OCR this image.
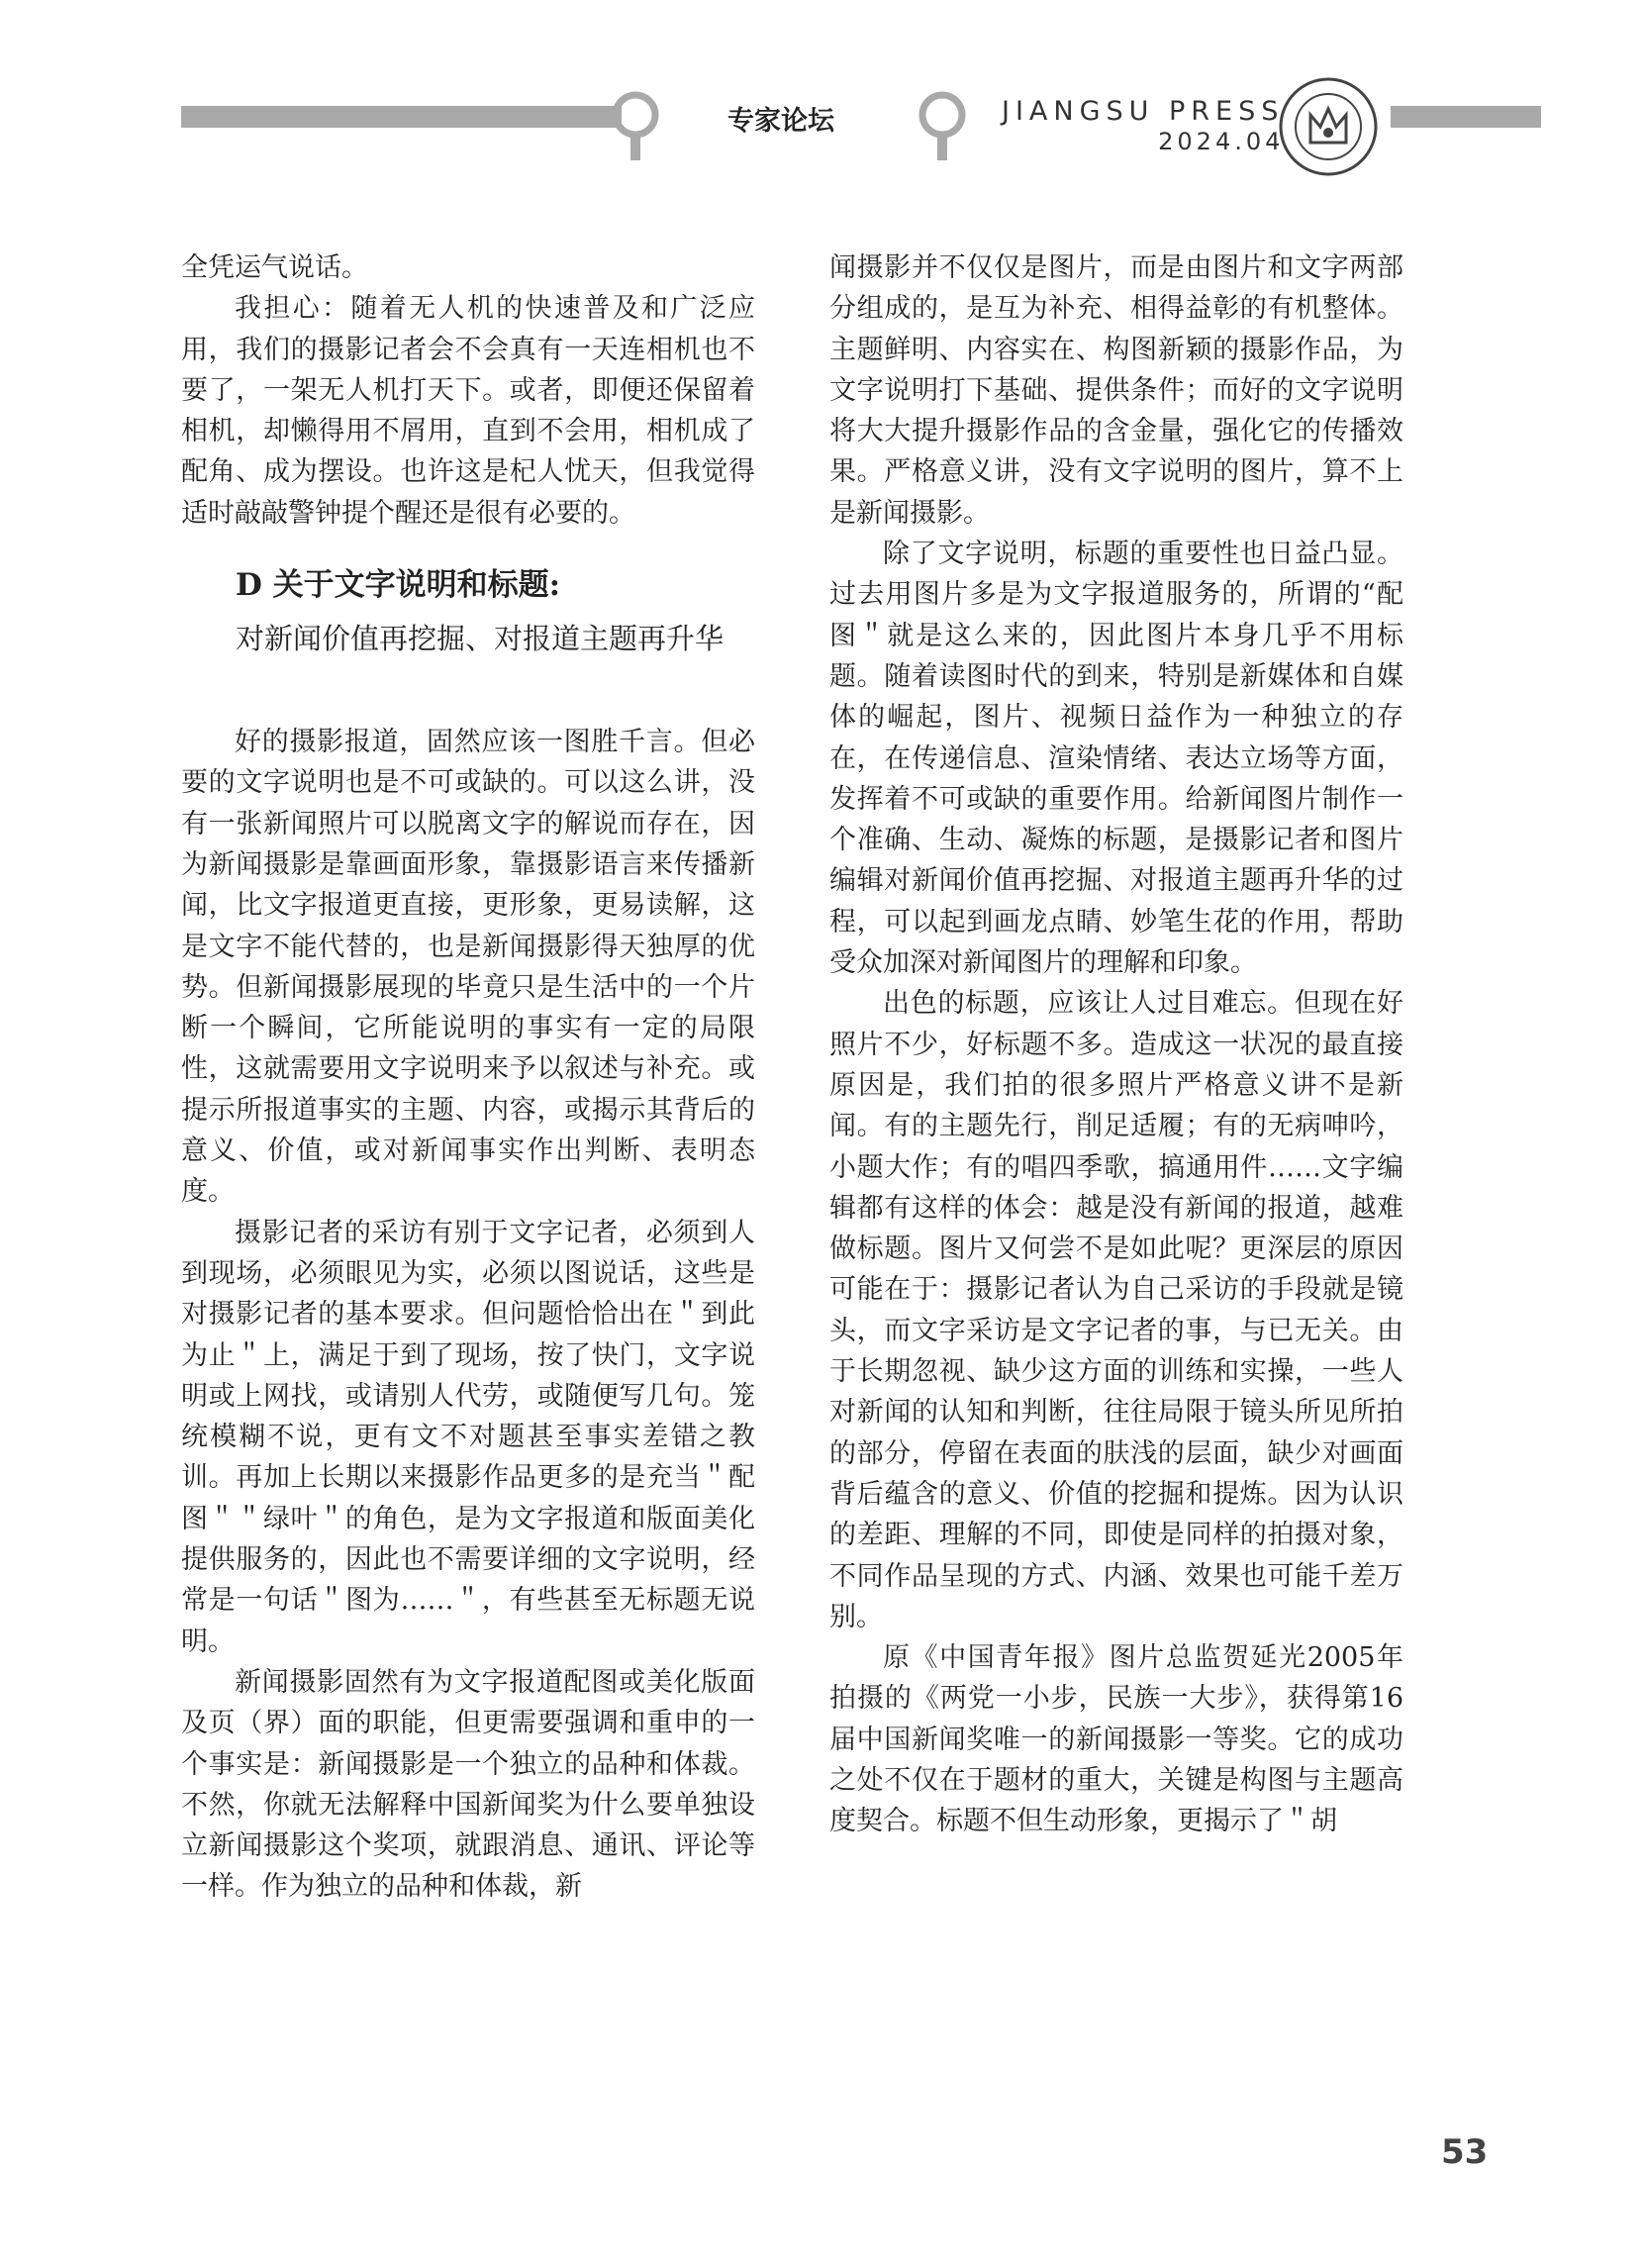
专家论坛	JIANGSU PRESS
2024.04

全凭运气说话。

我担心：随着无人机的快速普及和广泛应用，我们的摄影记者会不会真有一天连相机也不要了，一架无人机打天下。或者，即便还保留着相机，却懒得用不屑用，直到不会用，相机成了配角、成为摆设。也许这是杞人忧天，但我觉得适时敲敲警钟提个醒还是很有必要的。

D 关于文字说明和标题:
对新闻价值再挖掘、对报道主题再升华

好的摄影报道，固然应该一图胜千言。但必要的文字说明也是不可或缺的。可以这么讲，没有一张新闻照片可以脱离文字的解说而存在，因为新闻摄影是靠画面形象，靠摄影语言来传播新闻，比文字报道更直接，更形象，更易读解，这是文字不能代替的，也是新闻摄影得天独厚的优势。但新闻摄影展现的毕竟只是生活中的一个片断一个瞬间，它所能说明的事实有一定的局限性，这就需要用文字说明来予以叙述与补充。或提示所报道事实的主题、内容，或揭示其背后的意义、价值，或对新闻事实作出判断、表明态度。

摄影记者的采访有别于文字记者，必须到人到现场，必须眼见为实，必须以图说话，这些是对摄影记者的基本要求。但问题恰恰出在＂到此为止＂上，满足于到了现场，按了快门，文字说明或上网找，或请别人代劳，或随便写几句。笼统模糊不说，更有文不对题甚至事实差错之教训。再加上长期以来摄影作品更多的是充当＂配图＂＂绿叶＂的角色，是为文字报道和版面美化提供服务的，因此也不需要详细的文字说明，经常是一句话＂图为……＂，有些甚至无标题无说明。

新闻摄影固然有为文字报道配图或美化版面及页（界）面的职能，但更需要强调和重申的一个事实是：新闻摄影是一个独立的品种和体裁。不然，你就无法解释中国新闻奖为什么要单独设立新闻摄影这个奖项，就跟消息、通讯、评论等一样。作为独立的品种和体裁，新

闻摄影并不仅仅是图片，而是由图片和文字两部分组成的，是互为补充、相得益彰的有机整体。主题鲜明、内容实在、构图新颖的摄影作品，为文字说明打下基础、提供条件；而好的文字说明将大大提升摄影作品的含金量，强化它的传播效果。严格意义讲，没有文字说明的图片，算不上是新闻摄影。

除了文字说明，标题的重要性也日益凸显。过去用图片多是为文字报道服务的，所谓的“配图＂就是这么来的，因此图片本身几乎不用标题。随着读图时代的到来，特别是新媒体和自媒体的崛起，图片、视频日益作为一种独立的存在，在传递信息、渲染情绪、表达立场等方面，发挥着不可或缺的重要作用。给新闻图片制作一个准确、生动、凝炼的标题，是摄影记者和图片编辑对新闻价值再挖掘、对报道主题再升华的过程，可以起到画龙点睛、妙笔生花的作用，帮助受众加深对新闻图片的理解和印象。

出色的标题，应该让人过目难忘。但现在好照片不少，好标题不多。造成这一状况的最直接原因是，我们拍的很多照片严格意义讲不是新闻。有的主题先行，削足适履；有的无病呻吟，小题大作；有的唱四季歌，搞通用件……文字编辑都有这样的体会：越是没有新闻的报道，越难做标题。图片又何尝不是如此呢？更深层的原因可能在于：摄影记者认为自己采访的手段就是镜头，而文字采访是文字记者的事，与已无关。由于长期忽视、缺少这方面的训练和实操，一些人对新闻的认知和判断，往往局限于镜头所见所拍的部分，停留在表面的肤浅的层面，缺少对画面背后蕴含的意义、价值的挖掘和提炼。因为认识的差距、理解的不同，即使是同样的拍摄对象，不同作品呈现的方式、内涵、效果也可能千差万别。

原《中国青年报》图片总监贺延光2005年拍摄的《两党一小步，民族一大步》，获得第16届中国新闻奖唯一的新闻摄影一等奖。它的成功之处不仅在于题材的重大，关键是构图与主题高度契合。标题不但生动形象，更揭示了＂胡

53
